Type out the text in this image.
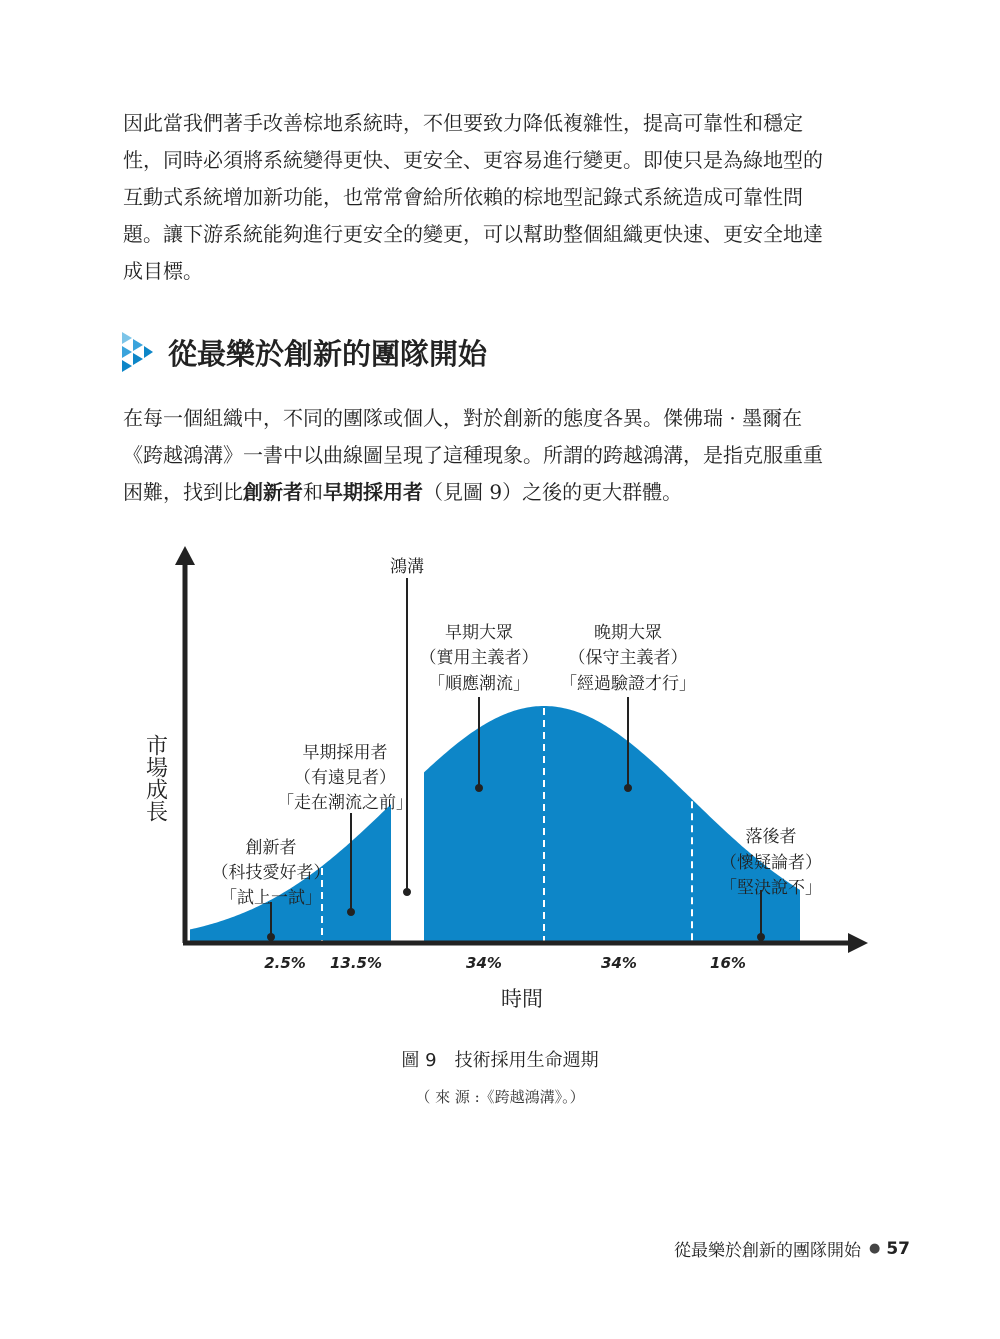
因此當我們著手改善棕地系統時，不但要致力降低複雜性，提高可靠性和穩定
性，同時必須將系統變得更快、更安全、更容易進行變更。即使只是為綠地型的
互動式系統增加新功能，也常常會給所依賴的棕地型記錄式系統造成可靠性問
題。讓下游系統能夠進行更安全的變更，可以幫助整個組織更快速、更安全地達
成目標。
從最樂於創新的團隊開始
在每一個組織中，不同的團隊或個人，對於創新的態度各異。傑佛瑞 · 墨爾在
《跨越鴻溝》一書中以曲線圖呈現了這種現象。所謂的跨越鴻溝，是指克服重重
困難，找到比創新者和早期採用者（見圖 9）之後的更大群體。
鴻溝
創新者
（科技愛好者）
「試上一試」
早期採用者
（有遠見者）
「走在潮流之前」
早期大眾
（實用主義者）
「順應潮流」
晚期大眾
（保守主義者）
「經過驗證才行」
落後者
（懷疑論者）
「堅決說不」
2.5% 13.5%	34%	34%	16%
時間
市場成長
圖 9 技術採用生命週期
（ 來 源 :《跨越鴻溝》。）
從最樂於創新的團隊開始 ● 57
